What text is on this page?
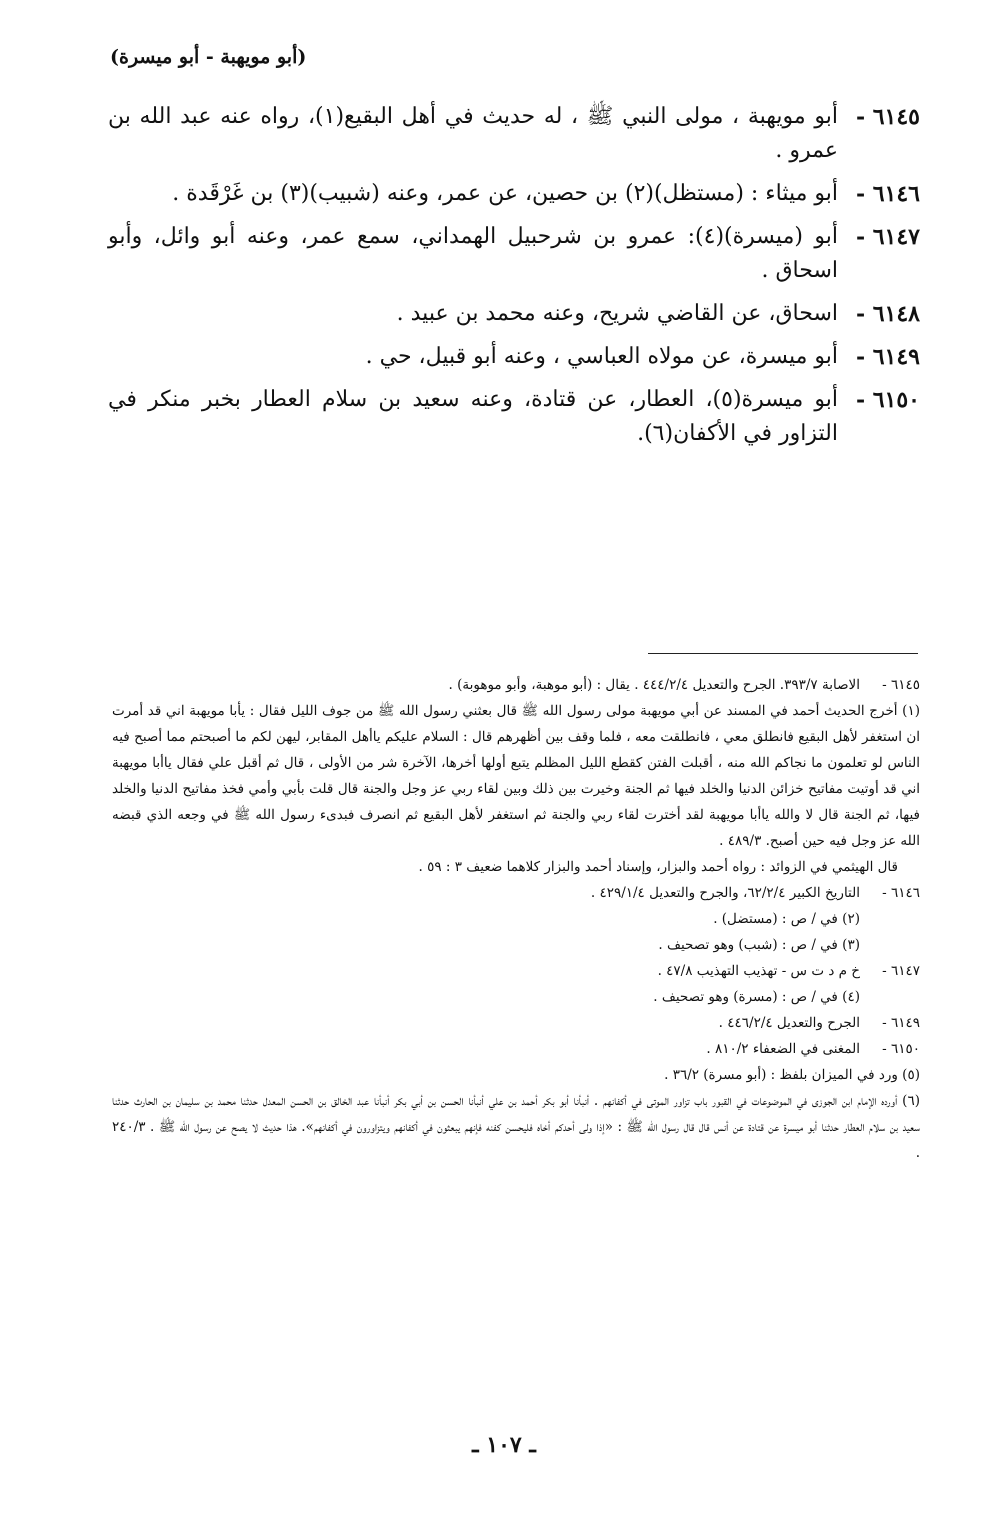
(أبو مويهبة - أبو ميسرة)
٦١٤٥ -
أبو مويهبة ، مولى النبي ﷺ ، له حديث في أهل البقيع(١)، رواه عنه عبد الله بن عمرو .
٦١٤٦ -
أبو ميثاء : (مستظل)(٢) بن حصين، عن عمر، وعنه (شبيب)(٣) بن غَرْقَدة .
٦١٤٧ -
أبو (ميسرة)(٤): عمرو بن شرحبيل الهمداني، سمع عمر، وعنه أبو وائل، وأبو اسحاق .
٦١٤٨ -
اسحاق، عن القاضي شريح، وعنه محمد بن عبيد .
٦١٤٩ -
أبو ميسرة، عن مولاه العباسي ، وعنه أبو قبيل، حي .
٦١٥٠ -
أبو ميسرة(٥)، العطار، عن قتادة، وعنه سعيد بن سلام العطار بخبر منكر في التزاور في الأكفان(٦).
٦١٤٥ -
الاصابة ٣٩٣/٧. الجرح والتعديل ٤٤٤/٢/٤ . يقال : (أبو موهبة، وأبو موهوبة) .
(١) أخرج الحديث أحمد في المسند عن أبي مويهبة مولى رسول الله ﷺ قال بعثني رسول الله ﷺ من جوف الليل فقال : يأبا مويهبة اني قد أمرت ان استغفر لأهل البقيع فانطلق معي ، فانطلقت معه ، فلما وقف بين أظهرهم قال : السلام عليكم ياأهل المقابر، ليهن لكم ما أصبحتم مما أصبح فيه الناس لو تعلمون ما نجاكم الله منه ، أقبلت الفتن كقطع الليل المظلم يتبع أولها أخرها، الآخرة شر من الأولى ، قال ثم أقبل علي فقال ياأبا مويهبة اني قد أوتيت مفاتيح خزائن الدنيا والخلد فيها ثم الجنة وخيرت بين ذلك وبين لقاء ربي عز وجل والجنة قال قلت بأبي وأمي فخذ مفاتيح الدنيا والخلد فيها، ثم الجنة قال لا والله ياأبا مويهبة لقد أخترت لقاء ربي والجنة ثم استغفر لأهل البقيع ثم انصرف فبدىء رسول الله ﷺ في وجعه الذي قبضه الله عز وجل فيه حين أصبح. ٤٨٩/٣ .
قال الهيثمي في الزوائد : رواه أحمد والبزار، وإسناد أحمد والبزار كلاهما ضعيف ٣ : ٥٩ .
٦١٤٦ -
التاريخ الكبير ٦٢/٢/٤، والجرح والتعديل ٤٢٩/١/٤ .
(٢) في / ص : (مستضل) .
(٣) في / ص : (شبب) وهو تصحيف .
٦١٤٧ -
خ م د ت س - تهذيب التهذيب ٤٧/٨ .
(٤) في / ص : (مسرة) وهو تصحيف .
٦١٤٩ -
الجرح والتعديل ٤٤٦/٢/٤ .
٦١٥٠ -
المغنى في الضعفاء ٨١٠/٢ .
(٥) ورد في الميزان بلفظ : (أبو مسرة) ٣٦/٢ .
(٦) أورده الإمام ابن الجوزى في الموضوعات في القبور باب تزاور الموتى في أكفانهم . أنبأنا أبو بكر أحمد بن علي أنبأنا الحسن بن أبي بكر أنبأنا عبد الخالق بن الحسن المعدل حدثنا محمد بن سليمان بن الحارث حدثنا سعيد بن سلام العطار حدثنا أبو ميسرة عن قتادة عن أنس قال قال رسول الله ﷺ : «إذا ولى أحدكم أخاه فليحسن كفنه فإنهم يبعثون في أكفانهم ويتزاورون في أكفانهم». هذا حديث لا يصح عن رسول الله ﷺ . ٢٤٠/٣ .
ـ ١٠٧ ـ
